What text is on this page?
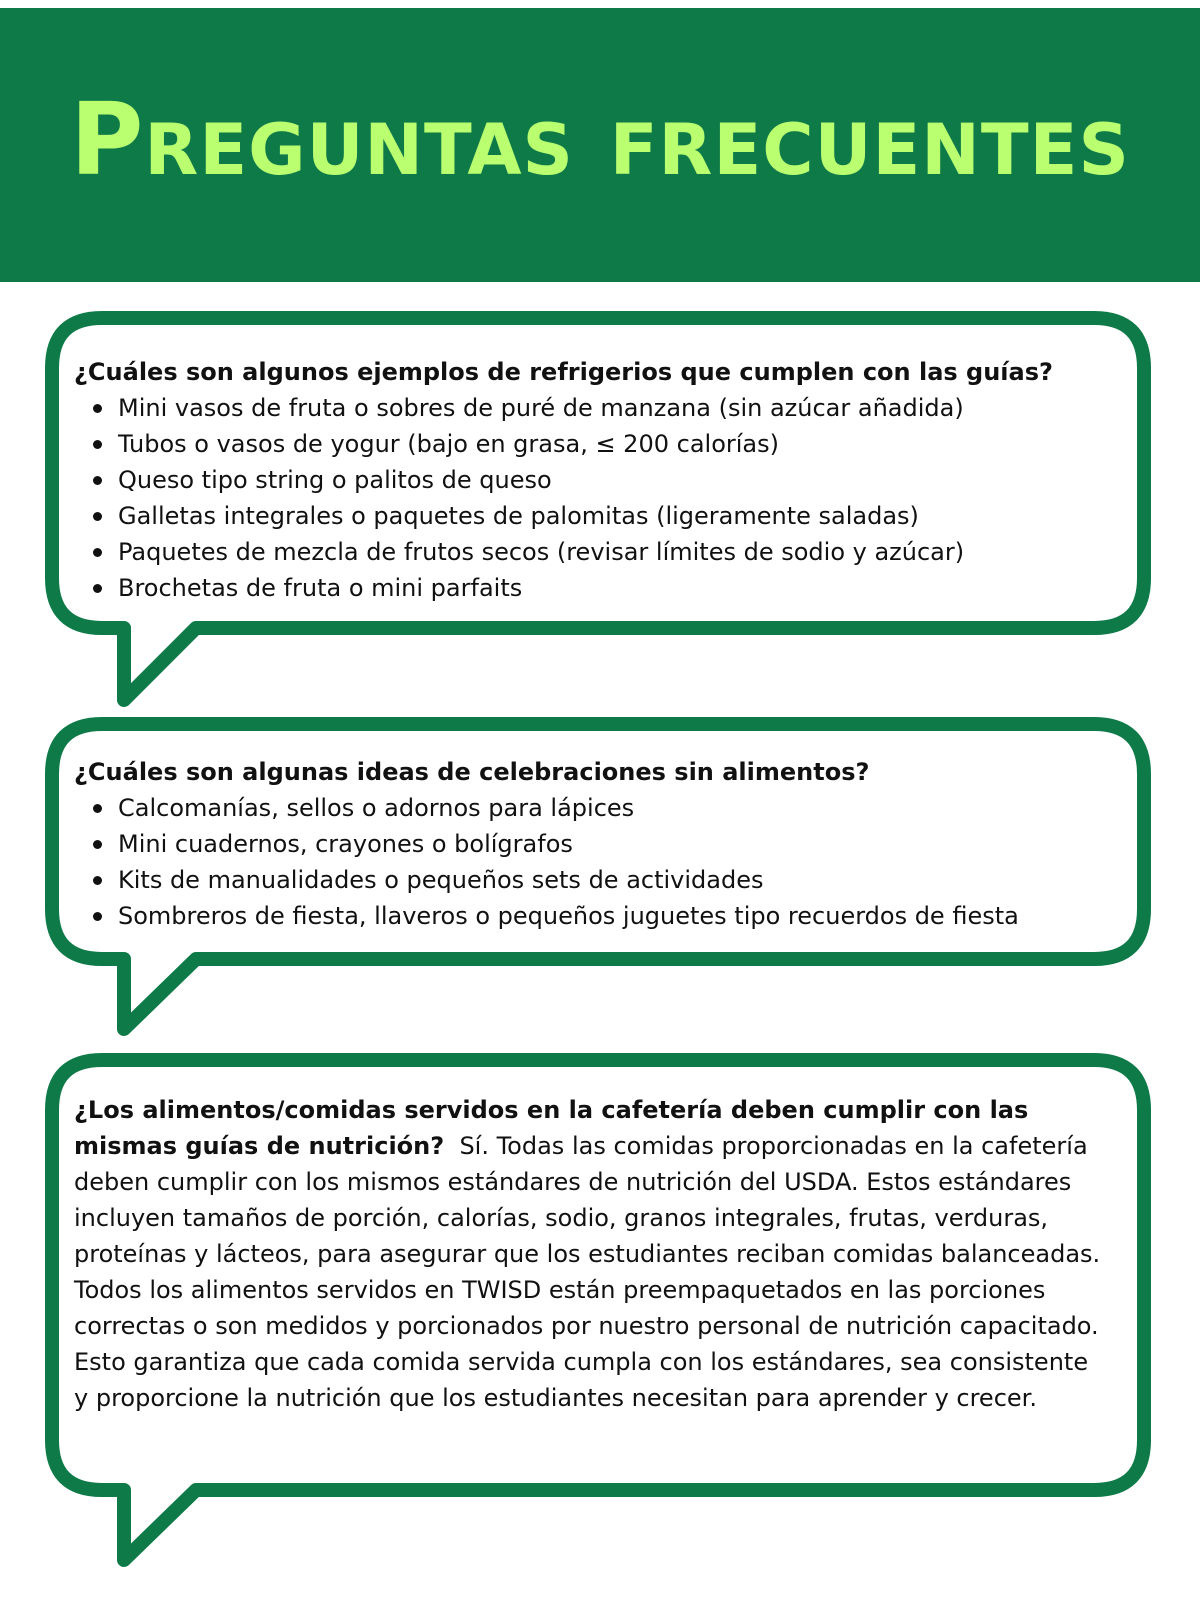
Preguntas frecuentes

¿Cuáles son algunos ejemplos de refrigerios que cumplen con las guías?

Mini vasos de fruta o sobres de puré de manzana (sin azúcar añadida)
Tubos o vasos de yogur (bajo en grasa, ≤ 200 calorías)
Queso tipo string o palitos de queso
Galletas integrales o paquetes de palomitas (ligeramente saladas)
Paquetes de mezcla de frutos secos (revisar límites de sodio y azúcar)
Brochetas de fruta o mini parfaits

¿Cuáles son algunas ideas de celebraciones sin alimentos?

Calcomanías, sellos o adornos para lápices
Mini cuadernos, crayones o bolígrafos
Kits de manualidades o pequeños sets de actividades
Sombreros de fiesta, llaveros o pequeños juguetes tipo recuerdos de fiesta

¿Los alimentos/comidas servidos en la cafetería deben cumplir con las mismas guías de nutrición? Sí. Todas las comidas proporcionadas en la cafetería deben cumplir con los mismos estándares de nutrición del USDA. Estos estándares incluyen tamaños de porción, calorías, sodio, granos integrales, frutas, verduras, proteínas y lácteos, para asegurar que los estudiantes reciban comidas balanceadas. Todos los alimentos servidos en TWISD están preempaquetados en las porciones correctas o son medidos y porcionados por nuestro personal de nutrición capacitado. Esto garantiza que cada comida servida cumpla con los estándares, sea consistente y proporcione la nutrición que los estudiantes necesitan para aprender y crecer.
